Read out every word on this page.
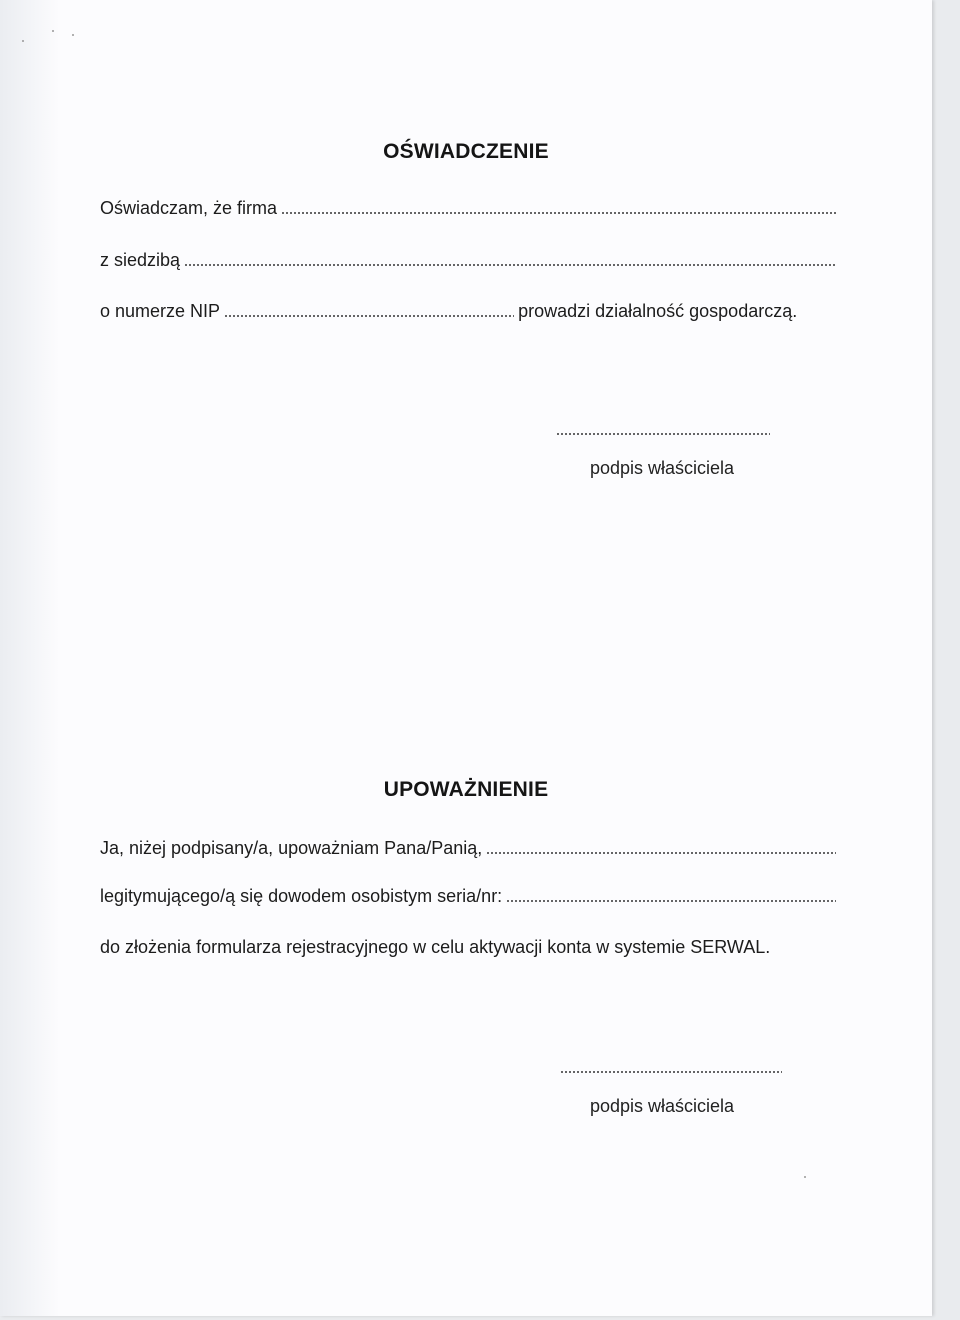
OŚWIADCZENIE
Oświadczam, że firma
z siedzibą
o numerze NIP	prowadzi działalność gospodarczą.
podpis właściciela
UPOWAŻNIENIE
Ja, niżej podpisany/a, upoważniam Pana/Panią,
legitymującego/ą się dowodem osobistym seria/nr:
do złożenia formularza rejestracyjnego w celu aktywacji konta w systemie SERWAL.
podpis właściciela
